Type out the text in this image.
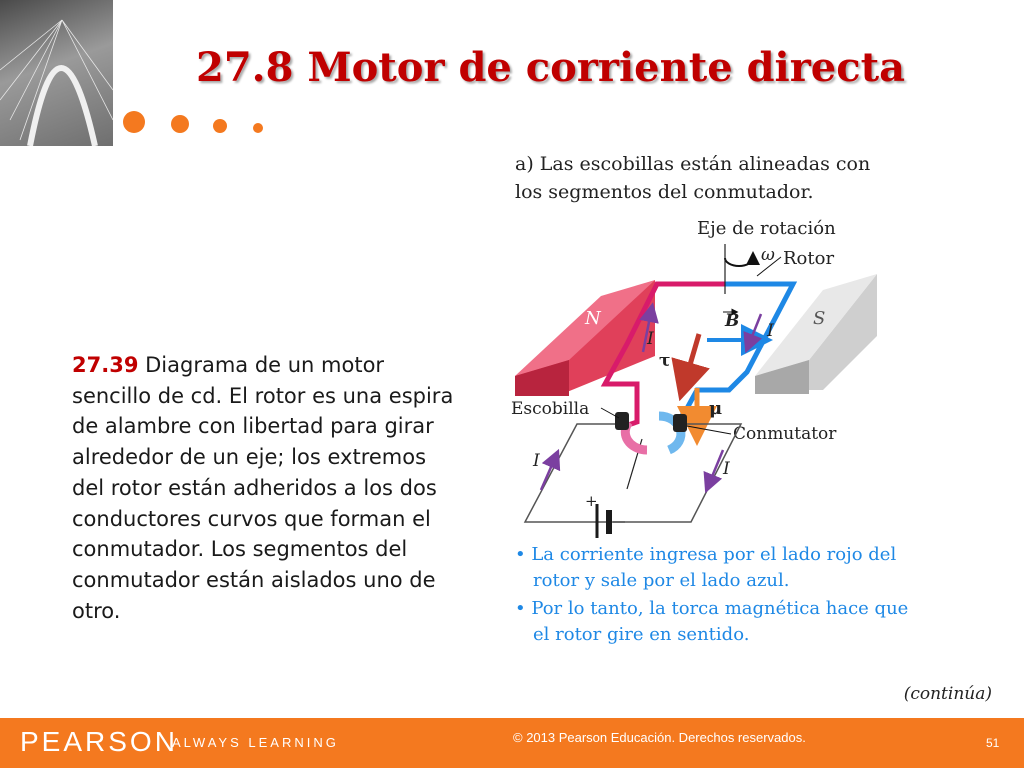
27.8 Motor de corriente directa
27.39 Diagrama de un motor sencillo de cd. El rotor es una espira de alambre con libertad para girar alrededor de un eje; los extremos del rotor están adheridos a los dos conductores curvos que forman el conmutador. Los segmentos del conmutador están aislados uno de otro.
a) Las escobillas están alineadas con
los segmentos del conmutador.
Eje de rotación
ω Rotor
N	S
B
τ
μ
I	I
Escobilla
Conmutator
+
I	I
• La corriente ingresa por el lado rojo del
rotor y sale por el lado azul.
• Por lo tanto, la torca magnética hace que
el rotor gire en sentido.
(continúa)
PEARSON
ALWAYS LEARNING	© 2013 Pearson Educación. Derechos reservados.	51
